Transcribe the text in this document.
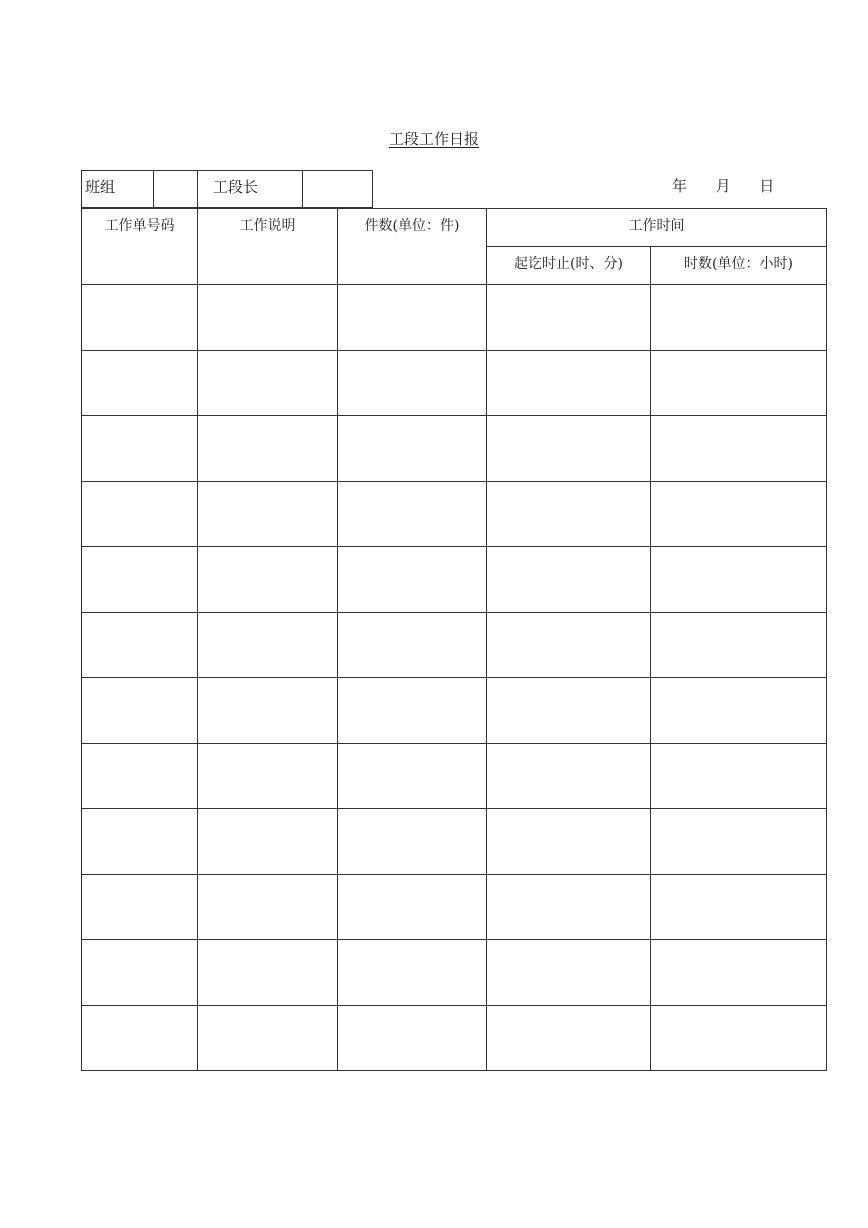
工段工作日报
班组		工段长		年 月 日
工作单号码	工作说明	件数(单位：件)	工作时间	
			起讫时止(时、分)	时数(单位：小时)
